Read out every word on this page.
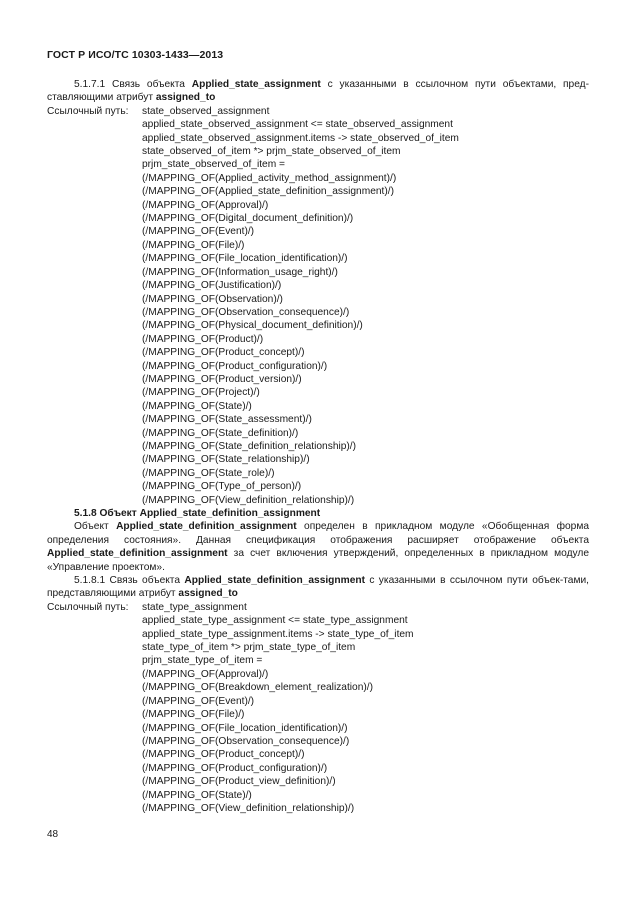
ГОСТ Р ИСО/ТС 10303-1433—2013

5.1.7.1 Связь объекта Applied_state_assignment с указанными в ссылочном пути объектами, пред-ставляющими атрибут assigned_to

Ссылочный путь: state_observed_assignment
applied_state_observed_assignment <= state_observed_assignment
applied_state_observed_assignment.items -> state_observed_of_item
state_observed_of_item *> prjm_state_observed_of_item
prjm_state_observed_of_item =
(/MAPPING_OF(Applied_activity_method_assignment)/)
(/MAPPING_OF(Applied_state_definition_assignment)/)
(/MAPPING_OF(Approval)/)
(/MAPPING_OF(Digital_document_definition)/)
(/MAPPING_OF(Event)/)
(/MAPPING_OF(File)/)
(/MAPPING_OF(File_location_identification)/)
(/MAPPING_OF(Information_usage_right)/)
(/MAPPING_OF(Justification)/)
(/MAPPING_OF(Observation)/)
(/MAPPING_OF(Observation_consequence)/)
(/MAPPING_OF(Physical_document_definition)/)
(/MAPPING_OF(Product)/)
(/MAPPING_OF(Product_concept)/)
(/MAPPING_OF(Product_configuration)/)
(/MAPPING_OF(Product_version)/)
(/MAPPING_OF(Project)/)
(/MAPPING_OF(State)/)
(/MAPPING_OF(State_assessment)/)
(/MAPPING_OF(State_definition)/)
(/MAPPING_OF(State_definition_relationship)/)
(/MAPPING_OF(State_relationship)/)
(/MAPPING_OF(State_role)/)
(/MAPPING_OF(Type_of_person)/)
(/MAPPING_OF(View_definition_relationship)/)

5.1.8 Объект Applied_state_definition_assignment

Объект Applied_state_definition_assignment определен в прикладном модуле «Обобщенная форма определения состояния». Данная спецификация отображения расширяет отображение объекта Applied_state_definition_assignment за счет включения утверждений, определенных в прикладном модуле «Управление проектом».

5.1.8.1 Связь объекта Applied_state_definition_assignment с указанными в ссылочном пути объек-тами, представляющими атрибут assigned_to

Ссылочный путь: state_type_assignment
applied_state_type_assignment <= state_type_assignment
applied_state_type_assignment.items -> state_type_of_item
state_type_of_item *> prjm_state_type_of_item
prjm_state_type_of_item =
(/MAPPING_OF(Approval)/)
(/MAPPING_OF(Breakdown_element_realization)/)
(/MAPPING_OF(Event)/)
(/MAPPING_OF(File)/)
(/MAPPING_OF(File_location_identification)/)
(/MAPPING_OF(Observation_consequence)/)
(/MAPPING_OF(Product_concept)/)
(/MAPPING_OF(Product_configuration)/)
(/MAPPING_OF(Product_view_definition)/)
(/MAPPING_OF(State)/)
(/MAPPING_OF(View_definition_relationship)/)
48
